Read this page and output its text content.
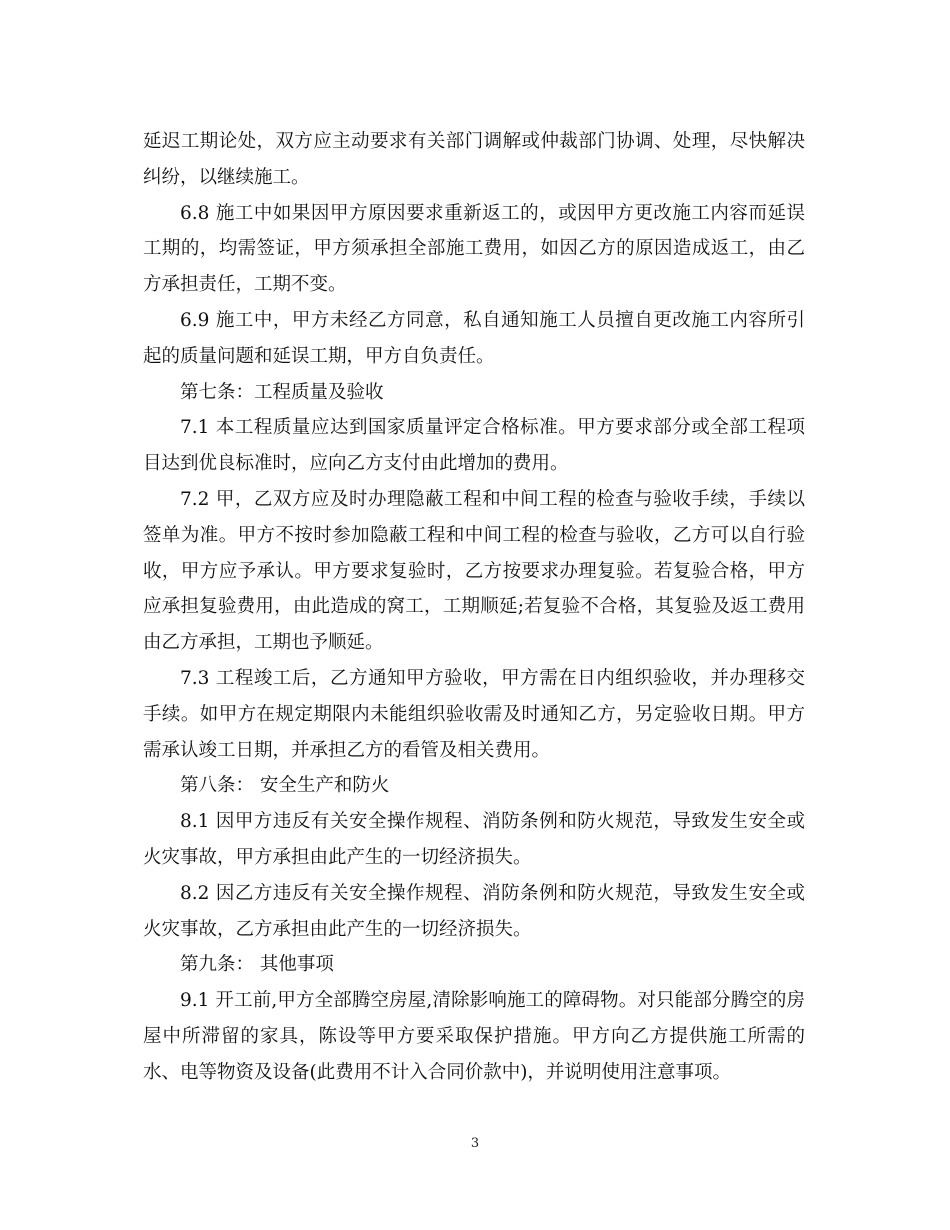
延迟工期论处，双方应主动要求有关部门调解或仲裁部门协调、处理，尽快解决纠纷，以继续施工。

6.8 施工中如果因甲方原因要求重新返工的，或因甲方更改施工内容而延误工期的，均需签证，甲方须承担全部施工费用，如因乙方的原因造成返工，由乙方承担责任，工期不变。

6.9 施工中，甲方未经乙方同意，私自通知施工人员擅自更改施工内容所引起的质量问题和延误工期，甲方自负责任。

第七条：工程质量及验收

7.1 本工程质量应达到国家质量评定合格标准。甲方要求部分或全部工程项目达到优良标准时，应向乙方支付由此增加的费用。

7.2 甲，乙双方应及时办理隐蔽工程和中间工程的检查与验收手续，手续以签单为准。甲方不按时参加隐蔽工程和中间工程的检查与验收，乙方可以自行验收，甲方应予承认。甲方要求复验时，乙方按要求办理复验。若复验合格，甲方应承担复验费用，由此造成的窝工，工期顺延;若复验不合格，其复验及返工费用由乙方承担，工期也予顺延。

7.3 工程竣工后，乙方通知甲方验收，甲方需在日内组织验收，并办理移交手续。如甲方在规定期限内未能组织验收需及时通知乙方，另定验收日期。甲方需承认竣工日期，并承担乙方的看管及相关费用。

第八条： 安全生产和防火

8.1 因甲方违反有关安全操作规程、消防条例和防火规范，导致发生安全或火灾事故，甲方承担由此产生的一切经济损失。

8.2 因乙方违反有关安全操作规程、消防条例和防火规范，导致发生安全或火灾事故，乙方承担由此产生的一切经济损失。

第九条： 其他事项

9.1 开工前,甲方全部腾空房屋,清除影响施工的障碍物。对只能部分腾空的房屋中所滞留的家具，陈设等甲方要采取保护措施。甲方向乙方提供施工所需的水、电等物资及设备(此费用不计入合同价款中)，并说明使用注意事项。

3
